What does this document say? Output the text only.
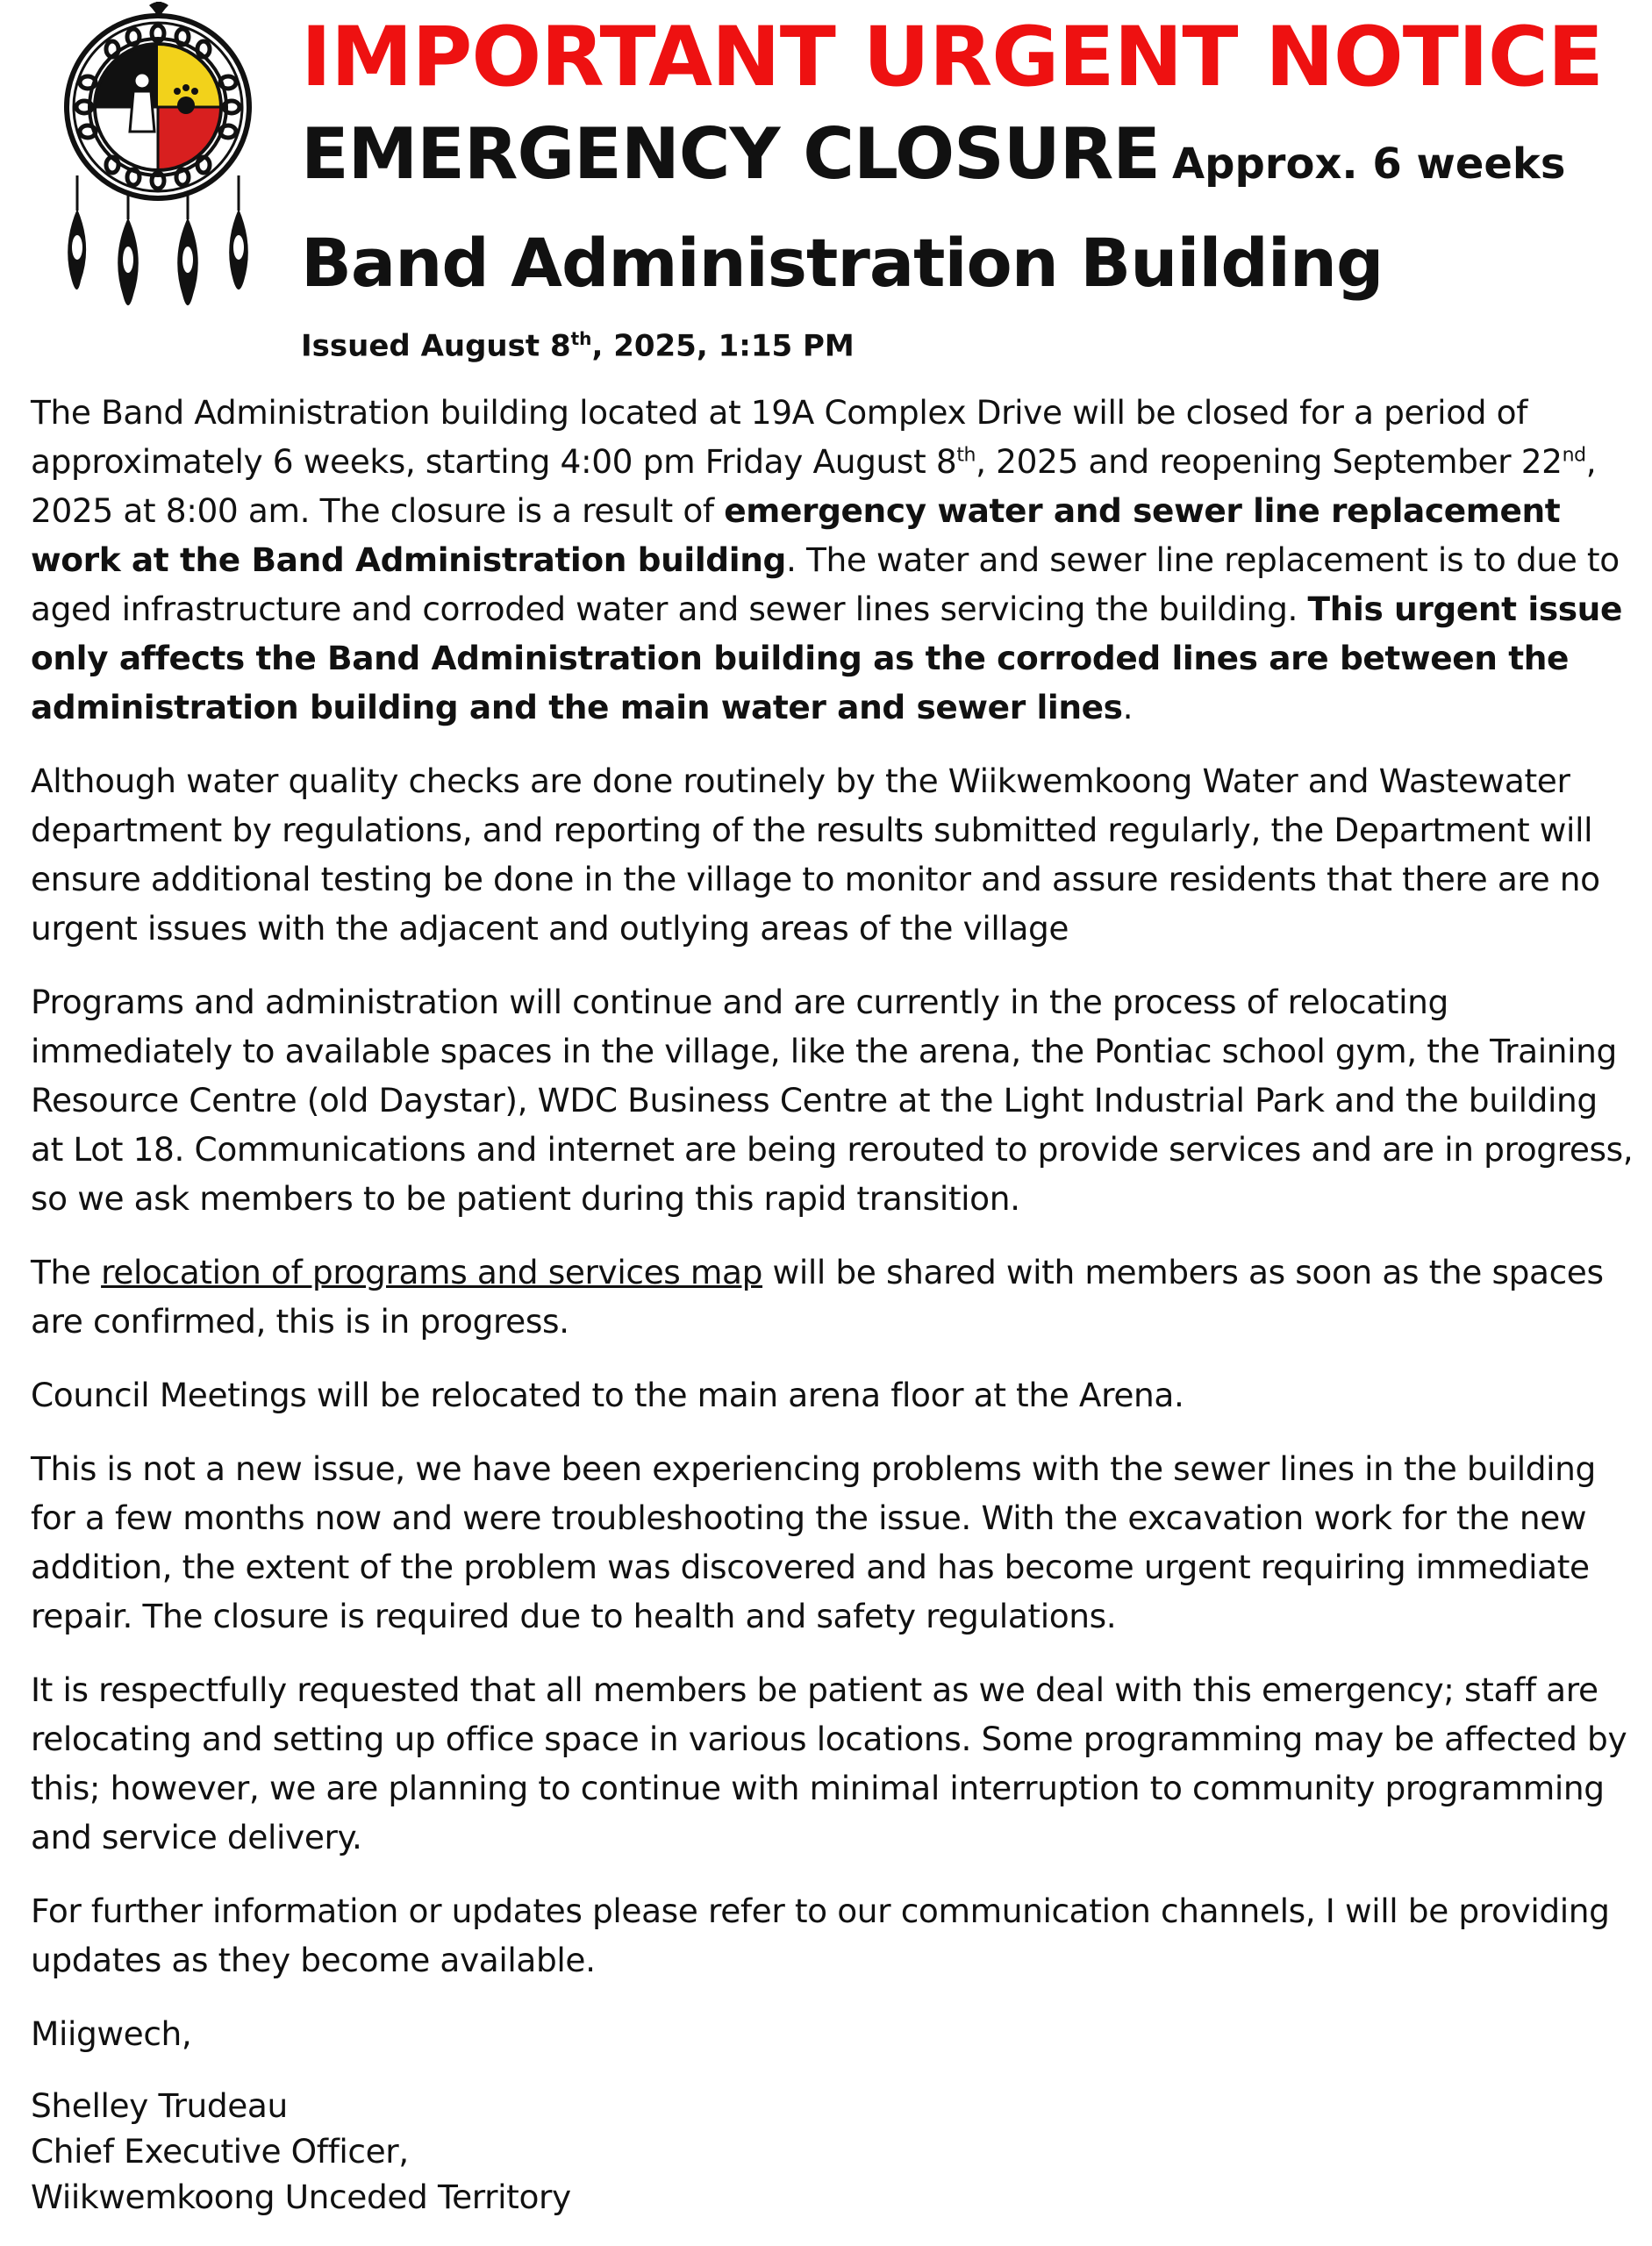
IMPORTANT URGENT NOTICE
EMERGENCY CLOSURE Approx. 6 weeks
Band Administration Building
Issued August 8th, 2025, 1:15 PM

The Band Administration building located at 19A Complex Drive will be closed for a period of approximately 6 weeks, starting 4:00 pm Friday August 8th, 2025 and reopening September 22nd, 2025 at 8:00 am. The closure is a result of emergency water and sewer line replacement work at the Band Administration building. The water and sewer line replacement is to due to aged infrastructure and corroded water and sewer lines servicing the building. This urgent issue only affects the Band Administration building as the corroded lines are between the administration building and the main water and sewer lines.

Although water quality checks are done routinely by the Wiikwemkoong Water and Wastewater department by regulations, and reporting of the results submitted regularly, the Department will ensure additional testing be done in the village to monitor and assure residents that there are no urgent issues with the adjacent and outlying areas of the village

Programs and administration will continue and are currently in the process of relocating immediately to available spaces in the village, like the arena, the Pontiac school gym, the Training Resource Centre (old Daystar), WDC Business Centre at the Light Industrial Park and the building at Lot 18. Communications and internet are being rerouted to provide services and are in progress, so we ask members to be patient during this rapid transition.

The relocation of programs and services map will be shared with members as soon as the spaces are confirmed, this is in progress.

Council Meetings will be relocated to the main arena floor at the Arena.

This is not a new issue, we have been experiencing problems with the sewer lines in the building for a few months now and were troubleshooting the issue. With the excavation work for the new addition, the extent of the problem was discovered and has become urgent requiring immediate repair. The closure is required due to health and safety regulations.

It is respectfully requested that all members be patient as we deal with this emergency; staff are relocating and setting up office space in various locations. Some programming may be affected by this; however, we are planning to continue with minimal interruption to community programming and service delivery.

For further information or updates please refer to our communication channels, I will be providing updates as they become available.

Miigwech,

Shelley Trudeau
Chief Executive Officer,
Wiikwemkoong Unceded Territory
